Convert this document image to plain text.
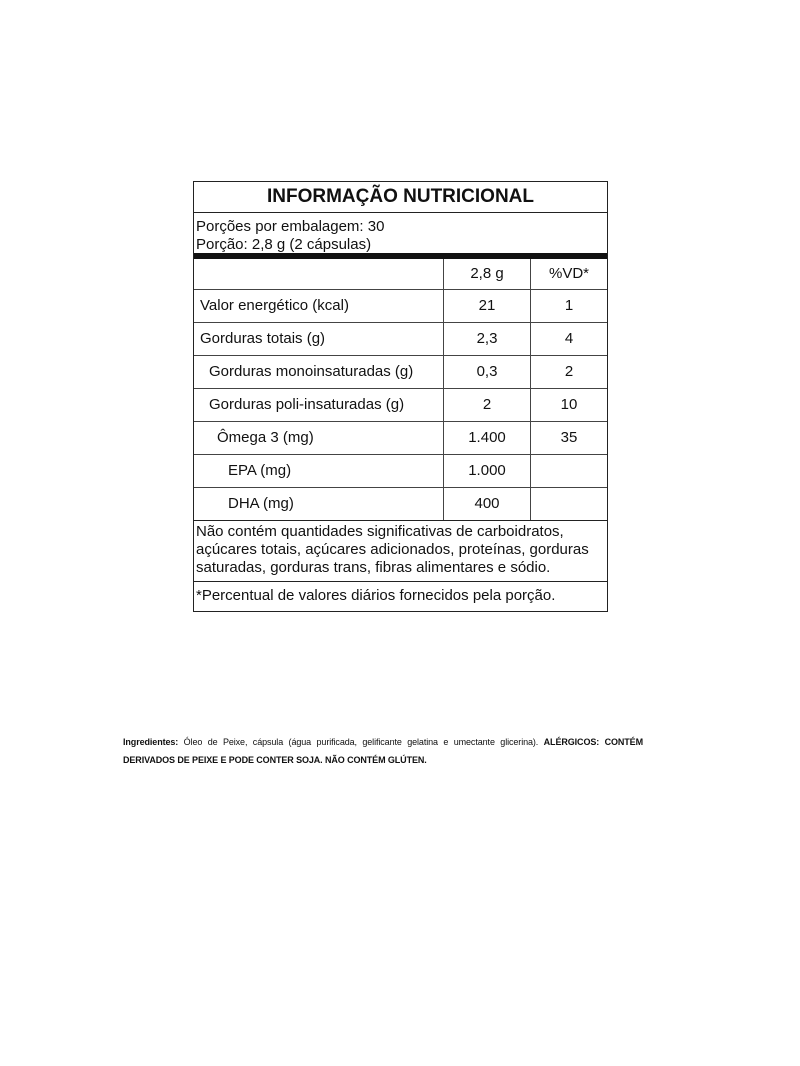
INFORMAÇÃO NUTRICIONAL
Porções por embalagem: 30
Porção: 2,8 g (2 cápsulas)
2,8 g	%VD*
Valor energético (kcal)	21	1
Gorduras totais (g)	2,3	4
Gorduras monoinsaturadas (g)	0,3	2
Gorduras poli-insaturadas (g)	2	10
Ômega 3 (mg)	1.400	35
EPA (mg)	1.000
DHA (mg)	400
Não contém quantidades significativas de carboidratos, açúcares totais, açúcares adicionados, proteínas, gorduras saturadas, gorduras trans, fibras alimentares e sódio.
*Percentual de valores diários fornecidos pela porção.
Ingredientes: Óleo de Peixe, cápsula (água purificada, gelificante gelatina e umectante glicerina). ALÉRGICOS: CONTÉM DERIVADOS DE PEIXE E PODE CONTER SOJA. NÃO CONTÉM GLÚTEN.
